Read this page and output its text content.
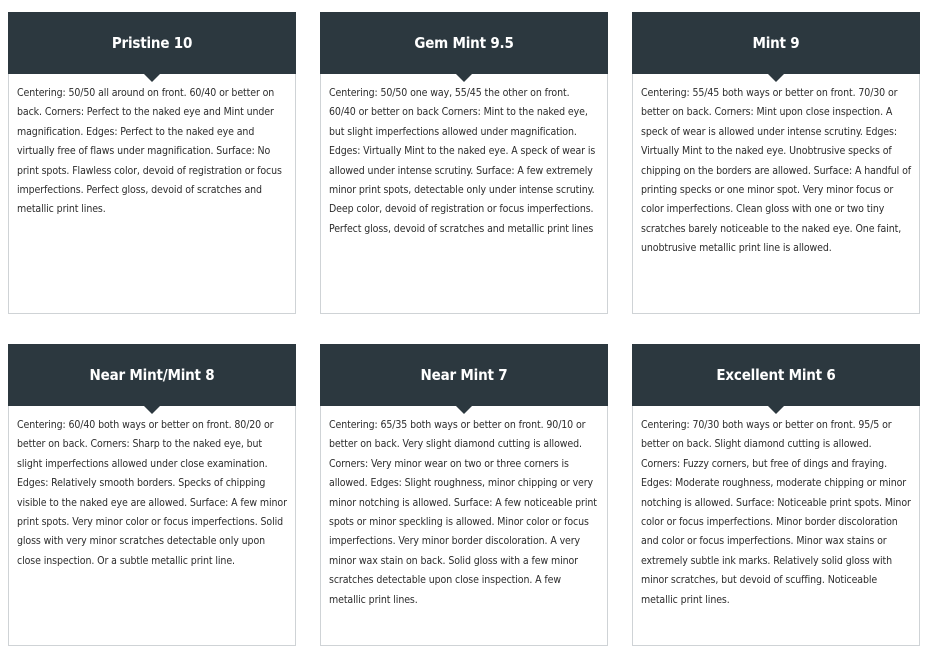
Pristine 10
Centering: 50/50 all around on front. 60/40 or better on back. Corners: Perfect to the naked eye and Mint under magnification. Edges: Perfect to the naked eye and virtually free of flaws under magnification. Surface: No print spots. Flawless color, devoid of registration or focus imperfections. Perfect gloss, devoid of scratches and metallic print lines.
Gem Mint 9.5
Centering: 50/50 one way, 55/45 the other on front. 60/40 or better on back Corners: Mint to the naked eye, but slight imperfections allowed under magnification. Edges: Virtually Mint to the naked eye. A speck of wear is allowed under intense scrutiny. Surface: A few extremely minor print spots, detectable only under intense scrutiny. Deep color, devoid of registration or focus imperfections. Perfect gloss, devoid of scratches and metallic print lines
Mint 9
Centering: 55/45 both ways or better on front. 70/30 or better on back. Corners: Mint upon close inspection. A speck of wear is allowed under intense scrutiny. Edges: Virtually Mint to the naked eye. Unobtrusive specks of chipping on the borders are allowed. Surface: A handful of printing specks or one minor spot. Very minor focus or color imperfections. Clean gloss with one or two tiny scratches barely noticeable to the naked eye. One faint, unobtrusive metallic print line is allowed.
Near Mint/Mint 8
Centering: 60/40 both ways or better on front. 80/20 or better on back. Corners: Sharp to the naked eye, but slight imperfections allowed under close examination. Edges: Relatively smooth borders. Specks of chipping visible to the naked eye are allowed. Surface: A few minor print spots. Very minor color or focus imperfections. Solid gloss with very minor scratches detectable only upon close inspection. Or a subtle metallic print line.
Near Mint 7
Centering: 65/35 both ways or better on front. 90/10 or better on back. Very slight diamond cutting is allowed. Corners: Very minor wear on two or three corners is allowed. Edges: Slight roughness, minor chipping or very minor notching is allowed. Surface: A few noticeable print spots or minor speckling is allowed. Minor color or focus imperfections. Very minor border discoloration. A very minor wax stain on back. Solid gloss with a few minor scratches detectable upon close inspection. A few metallic print lines.
Excellent Mint 6
Centering: 70/30 both ways or better on front. 95/5 or better on back. Slight diamond cutting is allowed. Corners: Fuzzy corners, but free of dings and fraying. Edges: Moderate roughness, moderate chipping or minor notching is allowed. Surface: Noticeable print spots. Minor color or focus imperfections. Minor border discoloration and color or focus imperfections. Minor wax stains or extremely subtle ink marks. Relatively solid gloss with minor scratches, but devoid of scuffing. Noticeable metallic print lines.
